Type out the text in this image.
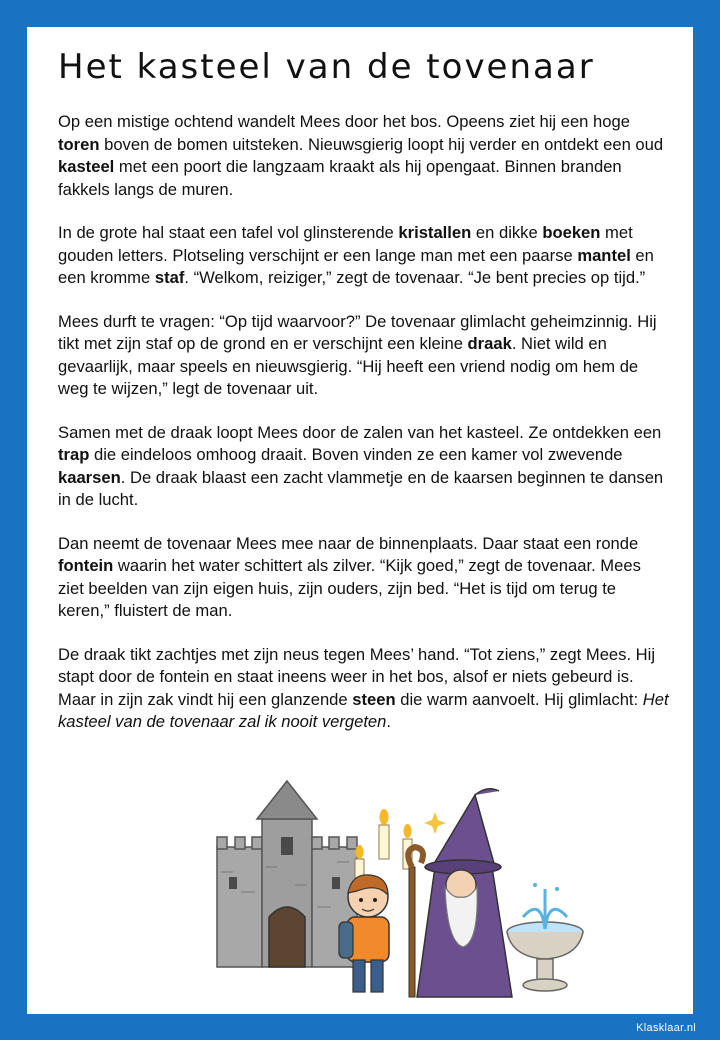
Het kasteel van de tovenaar

Op een mistige ochtend wandelt Mees door het bos. Opeens ziet hij een hoge toren boven de bomen uitsteken. Nieuwsgierig loopt hij verder en ontdekt een oud kasteel met een poort die langzaam kraakt als hij opengaat. Binnen branden fakkels langs de muren.

In de grote hal staat een tafel vol glinsterende kristallen en dikke boeken met gouden letters. Plotseling verschijnt er een lange man met een paarse mantel en een kromme staf. “Welkom, reiziger,” zegt de tovenaar. “Je bent precies op tijd.”

Mees durft te vragen: “Op tijd waarvoor?” De tovenaar glimlacht geheimzinnig. Hij tikt met zijn staf op de grond en er verschijnt een kleine draak. Niet wild en gevaarlijk, maar speels en nieuwsgierig. “Hij heeft een vriend nodig om hem de weg te wijzen,” legt de tovenaar uit.

Samen met de draak loopt Mees door de zalen van het kasteel. Ze ontdekken een trap die eindeloos omhoog draait. Boven vinden ze een kamer vol zwevende kaarsen. De draak blaast een zacht vlammetje en de kaarsen beginnen te dansen in de lucht.

Dan neemt de tovenaar Mees mee naar de binnenplaats. Daar staat een ronde fontein waarin het water schittert als zilver. “Kijk goed,” zegt de tovenaar. Mees ziet beelden van zijn eigen huis, zijn ouders, zijn bed. “Het is tijd om terug te keren,” fluistert de man.

De draak tikt zachtjes met zijn neus tegen Mees’ hand. “Tot ziens,” zegt Mees. Hij stapt door de fontein en staat ineens weer in het bos, alsof er niets gebeurd is. Maar in zijn zak vindt hij een glanzende steen die warm aanvoelt. Hij glimlacht: Het kasteel van de tovenaar zal ik nooit vergeten.

Klasklaar.nl
